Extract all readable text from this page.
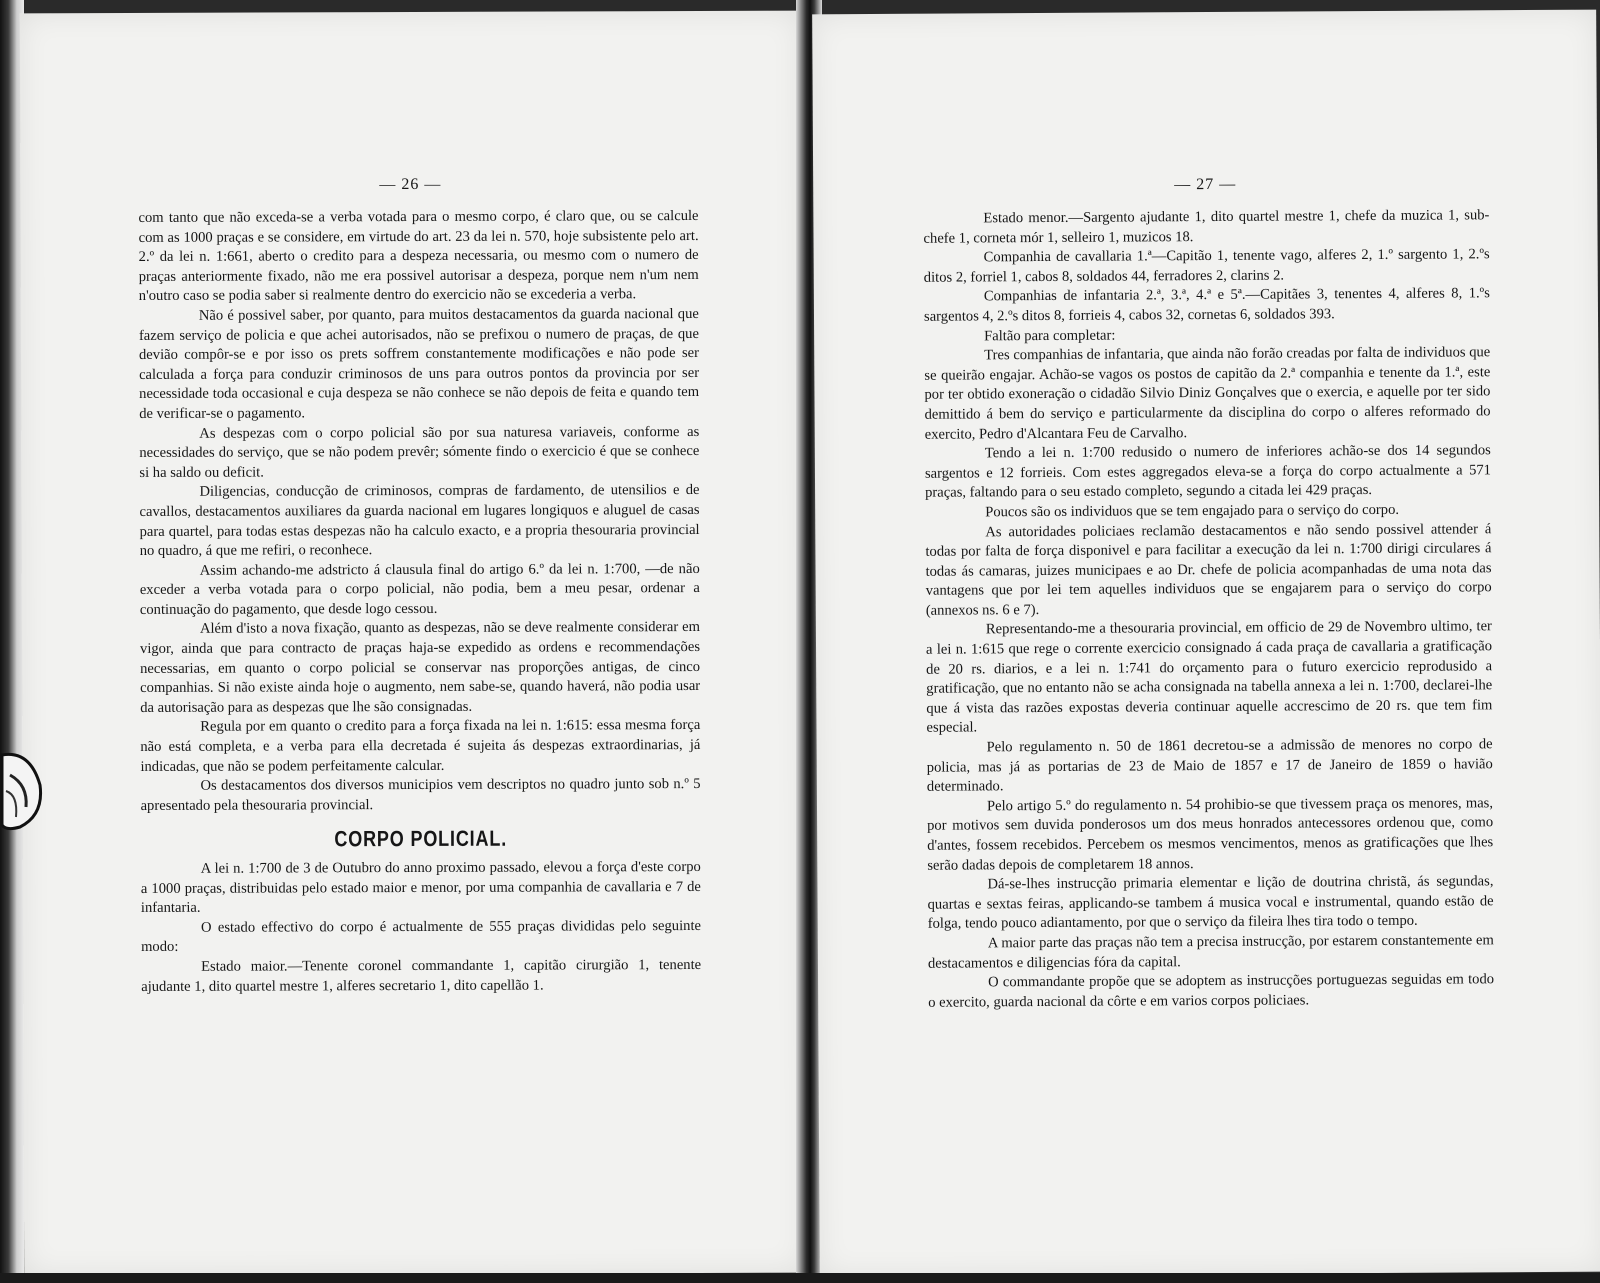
— 26 —

com tanto que não exceda-se a verba votada para o mesmo corpo, é claro que, ou se calcule com as 1000 praças e se considere, em virtude do art. 23 da lei n. 570, hoje subsistente pelo art. 2.º da lei n. 1:661, aberto o credito para a despeza necessaria, ou mesmo com o numero de praças anteriormente fixado, não me era possivel autorisar a despeza, porque nem n'um nem n'outro caso se podia saber si realmente dentro do exercicio não se excederia a verba.

Não é possivel saber, por quanto, para muitos destacamentos da guarda nacional que fazem serviço de policia e que achei autorisados, não se prefixou o numero de praças, de que devião compôr-se e por isso os prets soffrem constantemente modificações e não pode ser calculada a força para conduzir criminosos de uns para outros pontos da provincia por ser necessidade toda occasional e cuja despeza se não conhece se não depois de feita e quando tem de verificar-se o pagamento.

As despezas com o corpo policial são por sua naturesa variaveis, conforme as necessidades do serviço, que se não podem prevêr; sómente findo o exercicio é que se conhece si ha saldo ou deficit.

Diligencias, conducção de criminosos, compras de fardamento, de utensilios e de cavallos, destacamentos auxiliares da guarda nacional em lugares longiquos e aluguel de casas para quartel, para todas estas despezas não ha calculo exacto, e a propria thesouraria provincial no quadro, á que me refiri, o reconhece.

Assim achando-me adstricto á clausula final do artigo 6.º da lei n. 1:700, —de não exceder a verba votada para o corpo policial, não podia, bem a meu pesar, ordenar a continuação do pagamento, que desde logo cessou.

Além d'isto a nova fixação, quanto as despezas, não se deve realmente considerar em vigor, ainda que para contracto de praças haja-se expedido as ordens e recommendações necessarias, em quanto o corpo policial se conservar nas proporções antigas, de cinco companhias. Si não existe ainda hoje o augmento, nem sabe-se, quando haverá, não podia usar da autorisação para as despezas que lhe são consignadas.

Regula por em quanto o credito para a força fixada na lei n. 1:615: essa mesma força não está completa, e a verba para ella decretada é sujeita ás despezas extraordinarias, já indicadas, que não se podem perfeitamente calcular.

Os destacamentos dos diversos municipios vem descriptos no quadro junto sob n.º 5 apresentado pela thesouraria provincial.

CORPO POLICIAL.

A lei n. 1:700 de 3 de Outubro do anno proximo passado, elevou a força d'este corpo a 1000 praças, distribuidas pelo estado maior e menor, por uma companhia de cavallaria e 7 de infantaria.

O estado effectivo do corpo é actualmente de 555 praças divididas pelo seguinte modo:

Estado maior.—Tenente coronel commandante 1, capitão cirurgião 1, tenente ajudante 1, dito quartel mestre 1, alferes secretario 1, dito capellão 1.

— 27 —

Estado menor.—Sargento ajudante 1, dito quartel mestre 1, chefe da muzica 1, sub-chefe 1, corneta mór 1, selleiro 1, muzicos 18.

Companhia de cavallaria 1.ª—Capitão 1, tenente vago, alferes 2, 1.º sargento 1, 2.ºs ditos 2, forriel 1, cabos 8, soldados 44, ferradores 2, clarins 2.

Companhias de infantaria 2.ª, 3.ª, 4.ª e 5ª.—Capitães 3, tenentes 4, alferes 8, 1.ºs sargentos 4, 2.ºs ditos 8, forrieis 4, cabos 32, cornetas 6, soldados 393.

Faltão para completar:

Tres companhias de infantaria, que ainda não forão creadas por falta de individuos que se queirão engajar. Achão-se vagos os postos de capitão da 2.ª companhia e tenente da 1.ª, este por ter obtido exoneração o cidadão Silvio Diniz Gonçalves que o exercia, e aquelle por ter sido demittido á bem do serviço e particularmente da disciplina do corpo o alferes reformado do exercito, Pedro d'Alcantara Feu de Carvalho.

Tendo a lei n. 1:700 redusido o numero de inferiores achão-se dos 14 segundos sargentos e 12 forrieis. Com estes aggregados eleva-se a força do corpo actualmente a 571 praças, faltando para o seu estado completo, segundo a citada lei 429 praças.

Poucos são os individuos que se tem engajado para o serviço do corpo.

As autoridades policiaes reclamão destacamentos e não sendo possivel attender á todas por falta de força disponivel e para facilitar a execução da lei n. 1:700 dirigi circulares á todas ás camaras, juizes municipaes e ao Dr. chefe de policia acompanhadas de uma nota das vantagens que por lei tem aquelles individuos que se engajarem para o serviço do corpo (annexos ns. 6 e 7).

Representando-me a thesouraria provincial, em officio de 29 de Novembro ultimo, ter a lei n. 1:615 que rege o corrente exercicio consignado á cada praça de cavallaria a gratificação de 20 rs. diarios, e a lei n. 1:741 do orçamento para o futuro exercicio reprodusido a gratificação, que no entanto não se acha consignada na tabella annexa a lei n. 1:700, declarei-lhe que á vista das razões expostas deveria continuar aquelle accrescimo de 20 rs. que tem fim especial.

Pelo regulamento n. 50 de 1861 decretou-se a admissão de menores no corpo de policia, mas já as portarias de 23 de Maio de 1857 e 17 de Janeiro de 1859 o havião determinado.

Pelo artigo 5.º do regulamento n. 54 prohibio-se que tivessem praça os menores, mas, por motivos sem duvida ponderosos um dos meus honrados antecessores ordenou que, como d'antes, fossem recebidos. Percebem os mesmos vencimentos, menos as gratificações que lhes serão dadas depois de completarem 18 annos.

Dá-se-lhes instrucção primaria elementar e lição de doutrina christã, ás segundas, quartas e sextas feiras, applicando-se tambem á musica vocal e instrumental, quando estão de folga, tendo pouco adiantamento, por que o serviço da fileira lhes tira todo o tempo.

A maior parte das praças não tem a precisa instrucção, por estarem constantemente em destacamentos e diligencias fóra da capital.

O commandante propõe que se adoptem as instrucções portuguezas seguidas em todo o exercito, guarda nacional da côrte e em varios corpos policiaes.
